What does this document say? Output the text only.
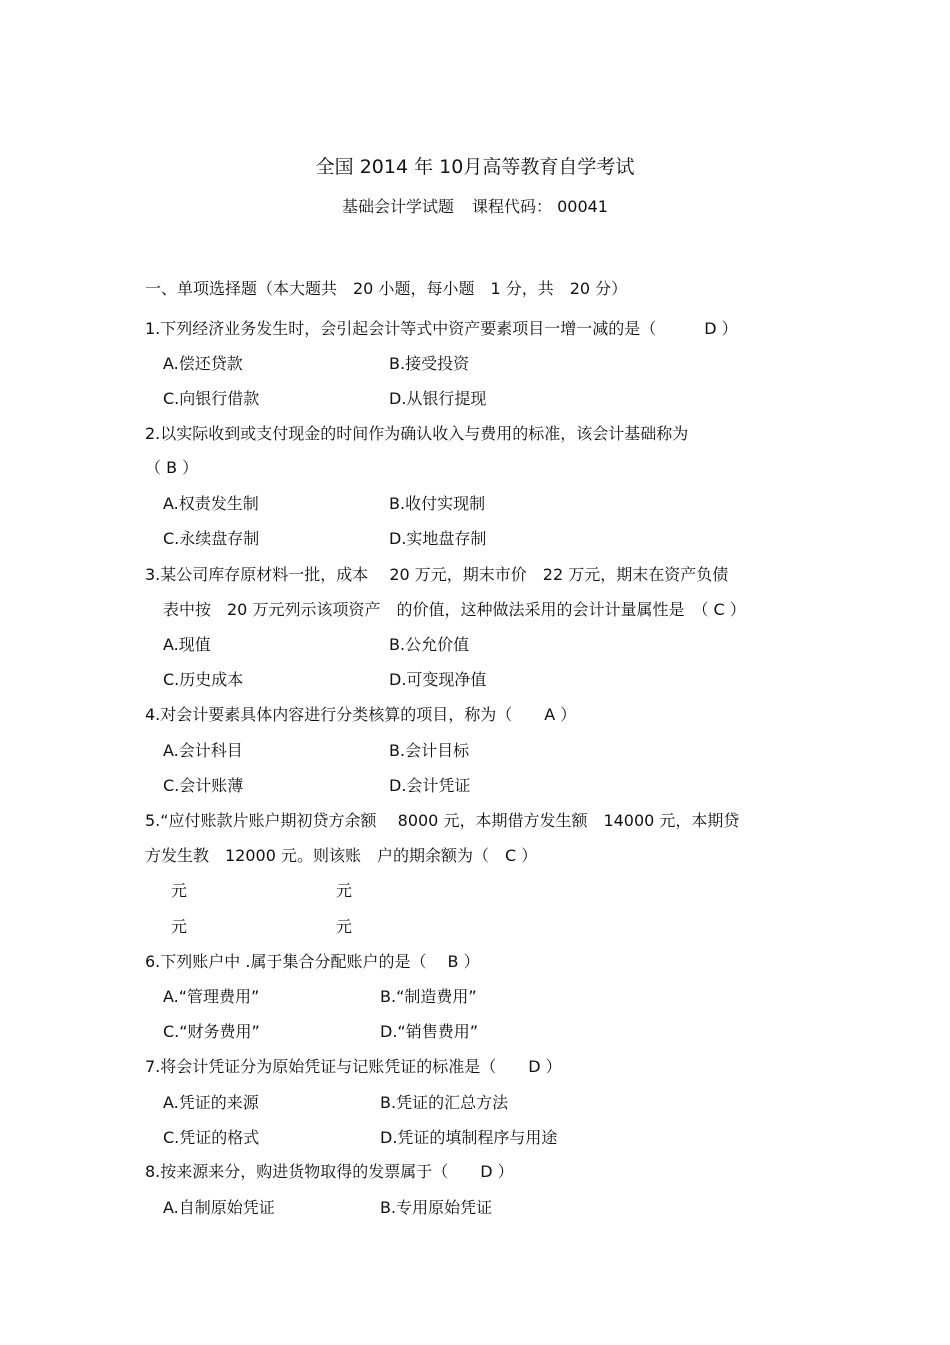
全国 2014 年 10月高等教育自学考试
基础会计学试题 课程代码： 00041
一、单项选择题（本大题共　20 小题，每小题　1 分，共　20 分）
1.下列经济业务发生时，会引起会计等式中资产要素项目一增一减的是（　　　D ）
A.偿还贷款	B.接受投资
C.向银行借款	D.从银行提现
2.以实际收到或支付现金的时间作为确认收入与费用的标准，该会计基础称为
（ B ）
A.权责发生制	B.收付实现制
C.永续盘存制	D.实地盘存制
3.某公司库存原材料一批，成本　 20 万元，期末市价　22 万元，期末在资产负债
表中按　20 万元列示该项资产　的价值，这种做法采用的会计计量属性是　（ C ）
A.现值	B.公允价值
C.历史成本	D.可变现净值
4.对会计要素具体内容进行分类核算的项目，称为（　　A ）
A.会计科目	B.会计目标
C.会计账薄	D.会计凭证
5.“应付账款片账户期初贷方余额　 8000 元，本期借方发生额　14000 元，本期贷
方发生教　12000 元。则该账　户的期余额为（　C ）
元	元
元	元
6.下列账户中 .属于集合分配账户的是（　 B ）
A.“管理费用”	B.“制造费用”
C.“财务费用”	D.“销售费用”
7.将会计凭证分为原始凭证与记账凭证的标准是（　　D ）
A.凭证的来源	B.凭证的汇总方法
C.凭证的格式	D.凭证的填制程序与用途
8.按来源来分，购进货物取得的发票属于（　　D ）
A.自制原始凭证	B.专用原始凭证
